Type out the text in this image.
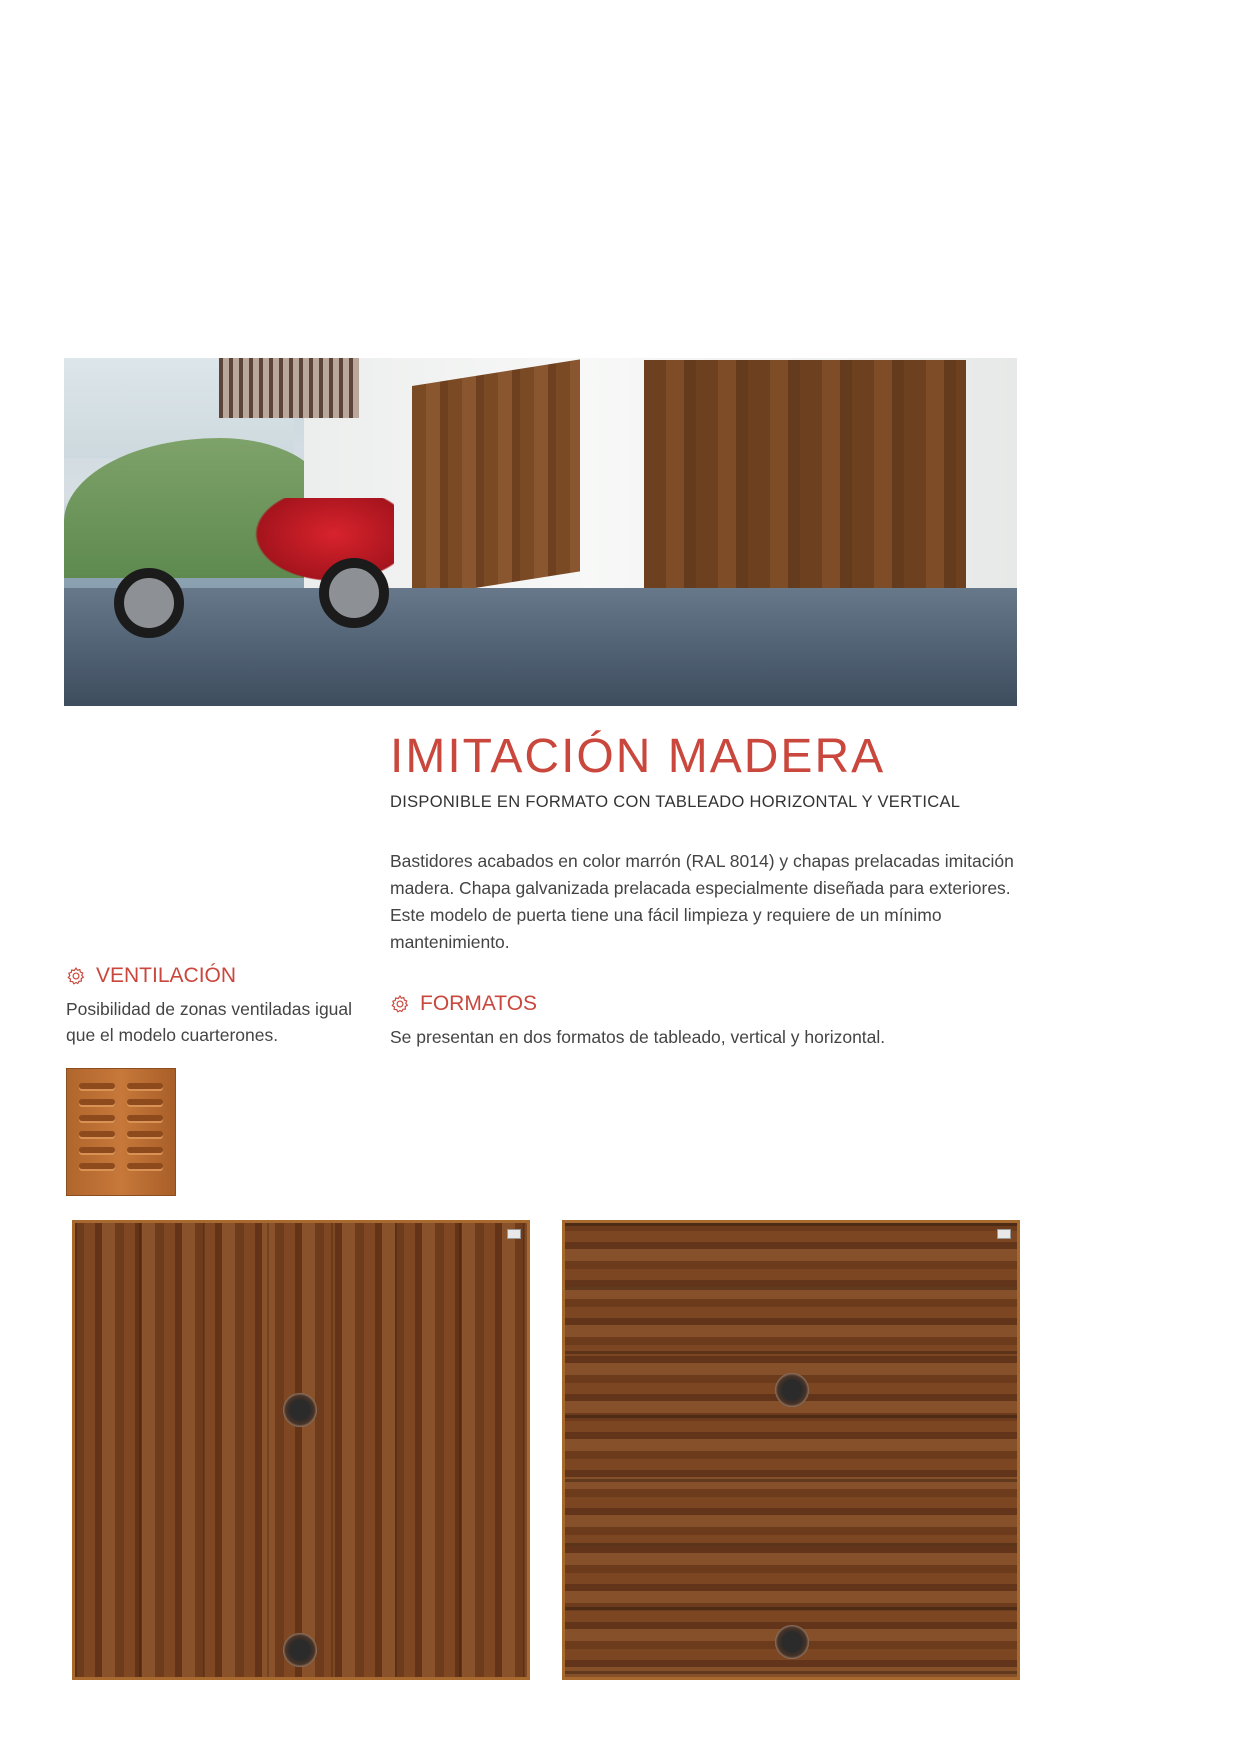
IMITACIÓN MADERA
DISPONIBLE EN FORMATO CON TABLEADO HORIZONTAL Y VERTICAL
Bastidores acabados en color marrón (RAL 8014) y chapas prelacadas imitación madera. Chapa galvanizada prelacada especialmente diseñada para exteriores. Este modelo de puerta tiene una fácil limpieza y requiere de un mínimo mantenimiento.
VENTILACIÓN
Posibilidad de zonas ventiladas igual que el modelo cuarterones.
FORMATOS
Se presentan en dos formatos de tableado, vertical y horizontal.
